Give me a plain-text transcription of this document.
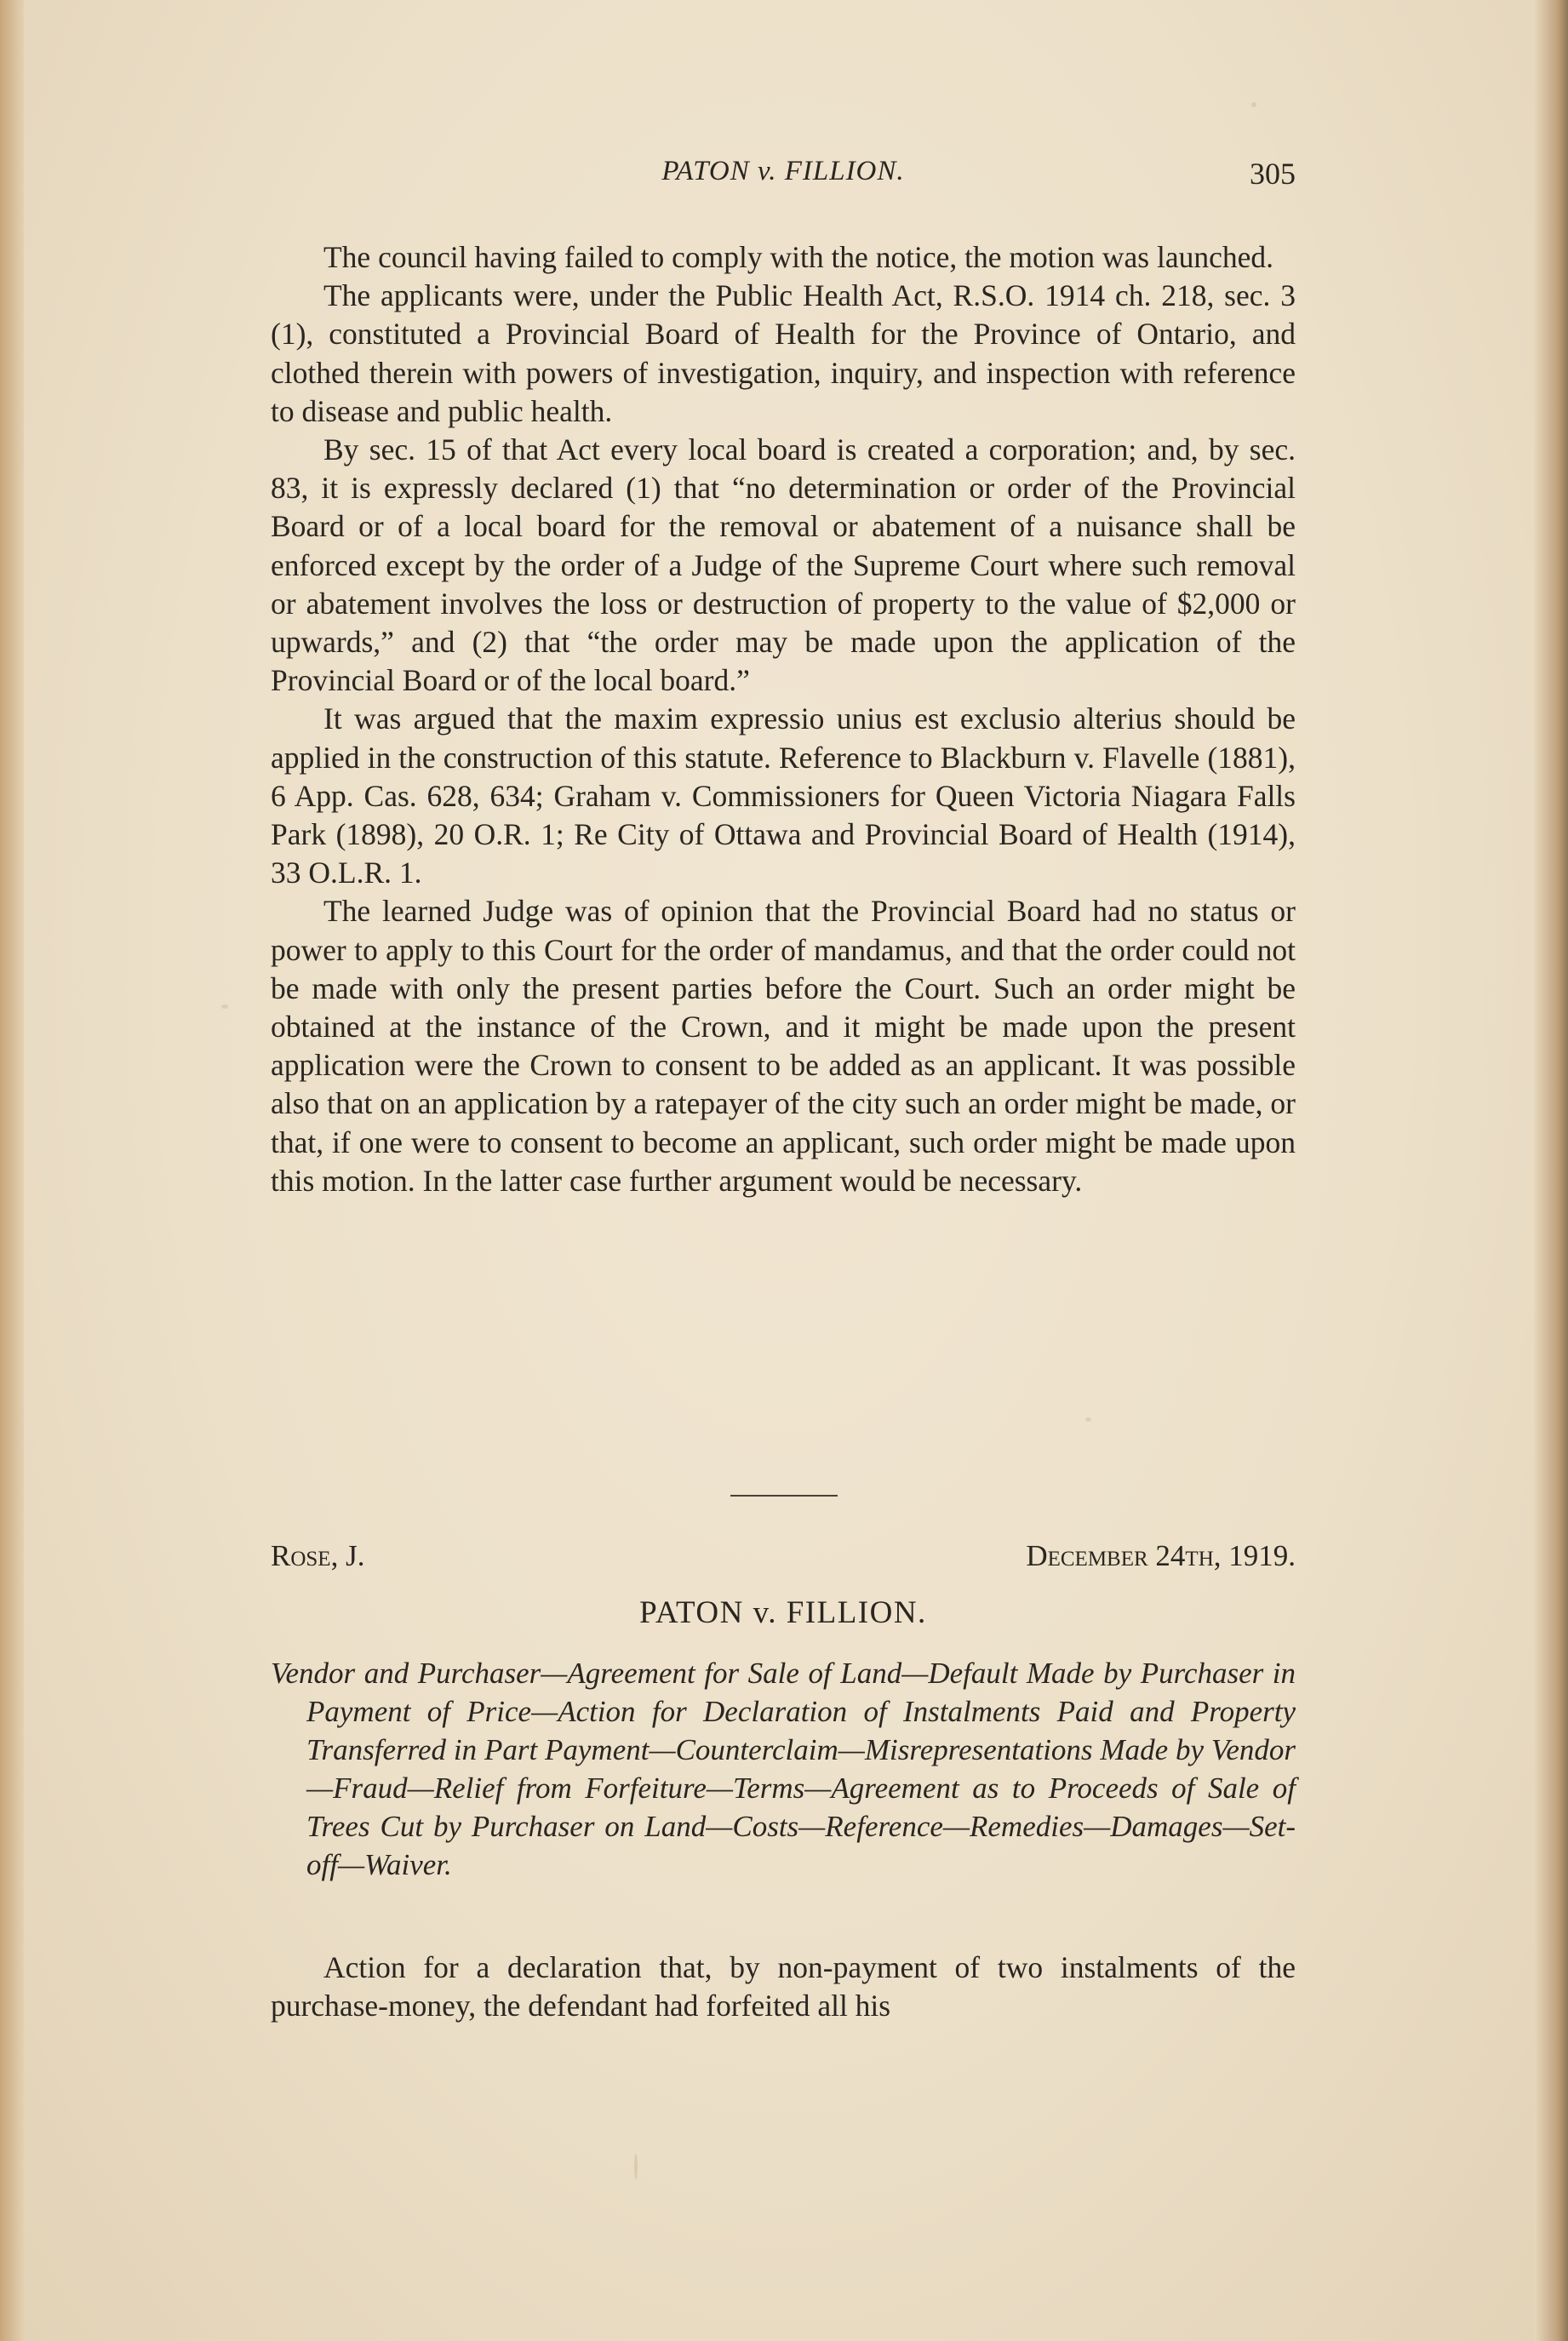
PATON v. FILLION.	305

The council having failed to comply with the notice, the motion was launched.

The applicants were, under the Public Health Act, R.S.O. 1914 ch. 218, sec. 3 (1), constituted a Provincial Board of Health for the Province of Ontario, and clothed therein with powers of investigation, inquiry, and inspection with reference to disease and public health.

By sec. 15 of that Act every local board is created a corporation; and, by sec. 83, it is expressly declared (1) that “no determination or order of the Provincial Board or of a local board for the removal or abatement of a nuisance shall be enforced except by the order of a Judge of the Supreme Court where such removal or abatement involves the loss or destruction of property to the value of $2,000 or upwards,” and (2) that “the order may be made upon the application of the Provincial Board or of the local board.”

It was argued that the maxim expressio unius est exclusio alterius should be applied in the construction of this statute. Reference to Blackburn v. Flavelle (1881), 6 App. Cas. 628, 634; Graham v. Commissioners for Queen Victoria Niagara Falls Park (1898), 20 O.R. 1; Re City of Ottawa and Provincial Board of Health (1914), 33 O.L.R. 1.

The learned Judge was of opinion that the Provincial Board had no status or power to apply to this Court for the order of mandamus, and that the order could not be made with only the present parties before the Court. Such an order might be obtained at the instance of the Crown, and it might be made upon the present application were the Crown to consent to be added as an applicant. It was possible also that on an application by a ratepayer of the city such an order might be made, or that, if one were to consent to become an applicant, such order might be made upon this motion. In the latter case further argument would be necessary.

Rose, J.	December 24th, 1919.
PATON v. FILLION.
Vendor and Purchaser—Agreement for Sale of Land—Default Made by Purchaser in Payment of Price—Action for Declaration of Instalments Paid and Property Transferred in Part Payment—Counterclaim—Misrepresentations Made by Vendor—Fraud—Relief from Forfeiture—Terms—Agreement as to Proceeds of Sale of Trees Cut by Purchaser on Land—Costs—Reference—Remedies—Damages—Set-off—Waiver.

Action for a declaration that, by non-payment of two instalments of the purchase-money, the defendant had forfeited all his
